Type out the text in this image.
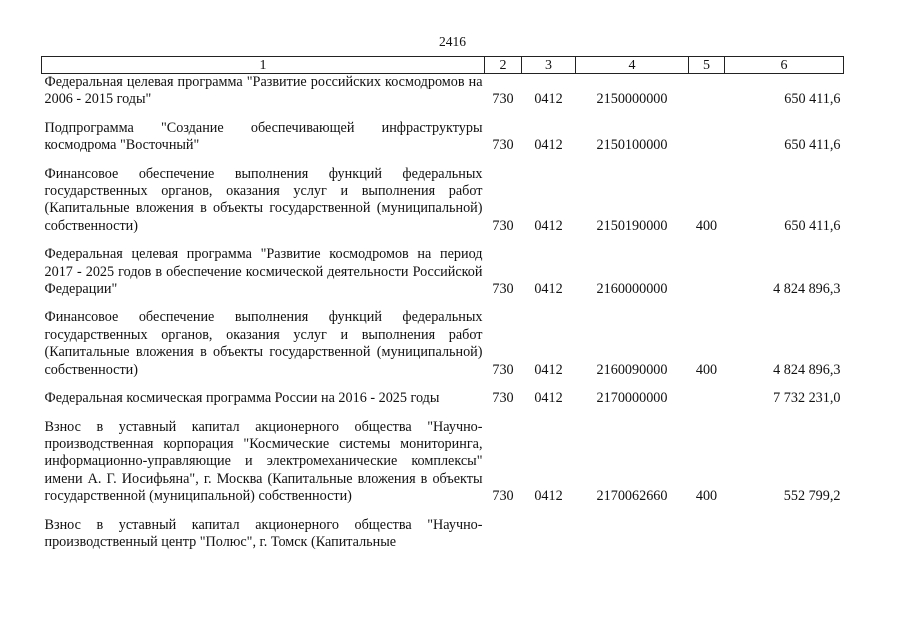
2416
1	2	3	4	5	6
Федеральная целевая программа "Развитие российских космодромов на 2006 - 2015 годы"	730	0412	2150000000		650 411,6

Подпрограмма "Создание обеспечивающей инфраструктуры космодрома "Восточный"	730	0412	2150100000		650 411,6

Финансовое обеспечение выполнения функций федеральных государственных органов, оказания услуг и выполнения работ (Капитальные вложения в объекты государственной (муниципальной) собственности)	730	0412	2150190000	400	650 411,6

Федеральная целевая программа "Развитие космодромов на период 2017 - 2025 годов в обеспечение космической деятельности Российской Федерации"	730	0412	2160000000		4 824 896,3

Финансовое обеспечение выполнения функций федеральных государственных органов, оказания услуг и выполнения работ (Капитальные вложения в объекты государственной (муниципальной) собственности)	730	0412	2160090000	400	4 824 896,3

Федеральная космическая программа России на 2016 - 2025 годы	730	0412	2170000000		7 732 231,0

Взнос в уставный капитал акционерного общества "Научно-производственная корпорация "Космические системы мониторинга, информационно-управляющие и электромеханические комплексы" имени А. Г. Иосифьяна", г. Москва (Капитальные вложения в объекты государственной (муниципальной) собственности)	730	0412	2170062660	400	552 799,2

Взнос в уставный капитал акционерного общества "Научно-производственный центр "Полюс", г. Томск (Капитальные					
